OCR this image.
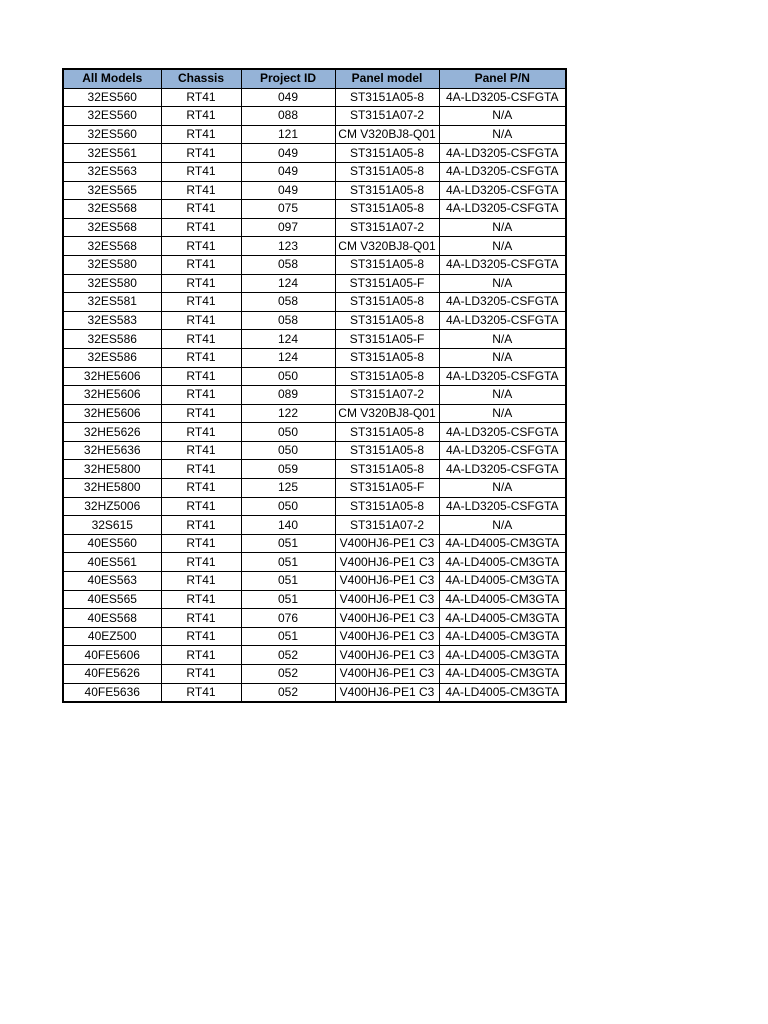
All Models	Chassis	Project ID	Panel model	Panel P/N
32ES560	RT41	049	ST3151A05-8	4A-LD3205-CSFGTA
32ES560	RT41	088	ST3151A07-2	N/A
32ES560	RT41	121	CM V320BJ8-Q01	N/A
32ES561	RT41	049	ST3151A05-8	4A-LD3205-CSFGTA
32ES563	RT41	049	ST3151A05-8	4A-LD3205-CSFGTA
32ES565	RT41	049	ST3151A05-8	4A-LD3205-CSFGTA
32ES568	RT41	075	ST3151A05-8	4A-LD3205-CSFGTA
32ES568	RT41	097	ST3151A07-2	N/A
32ES568	RT41	123	CM V320BJ8-Q01	N/A
32ES580	RT41	058	ST3151A05-8	4A-LD3205-CSFGTA
32ES580	RT41	124	ST3151A05-F	N/A
32ES581	RT41	058	ST3151A05-8	4A-LD3205-CSFGTA
32ES583	RT41	058	ST3151A05-8	4A-LD3205-CSFGTA
32ES586	RT41	124	ST3151A05-F	N/A
32ES586	RT41	124	ST3151A05-8	N/A
32HE5606	RT41	050	ST3151A05-8	4A-LD3205-CSFGTA
32HE5606	RT41	089	ST3151A07-2	N/A
32HE5606	RT41	122	CM V320BJ8-Q01	N/A
32HE5626	RT41	050	ST3151A05-8	4A-LD3205-CSFGTA
32HE5636	RT41	050	ST3151A05-8	4A-LD3205-CSFGTA
32HE5800	RT41	059	ST3151A05-8	4A-LD3205-CSFGTA
32HE5800	RT41	125	ST3151A05-F	N/A
32HZ5006	RT41	050	ST3151A05-8	4A-LD3205-CSFGTA
32S615	RT41	140	ST3151A07-2	N/A
40ES560	RT41	051	V400HJ6-PE1 C3	4A-LD4005-CM3GTA
40ES561	RT41	051	V400HJ6-PE1 C3	4A-LD4005-CM3GTA
40ES563	RT41	051	V400HJ6-PE1 C3	4A-LD4005-CM3GTA
40ES565	RT41	051	V400HJ6-PE1 C3	4A-LD4005-CM3GTA
40ES568	RT41	076	V400HJ6-PE1 C3	4A-LD4005-CM3GTA
40EZ500	RT41	051	V400HJ6-PE1 C3	4A-LD4005-CM3GTA
40FE5606	RT41	052	V400HJ6-PE1 C3	4A-LD4005-CM3GTA
40FE5626	RT41	052	V400HJ6-PE1 C3	4A-LD4005-CM3GTA
40FE5636	RT41	052	V400HJ6-PE1 C3	4A-LD4005-CM3GTA
